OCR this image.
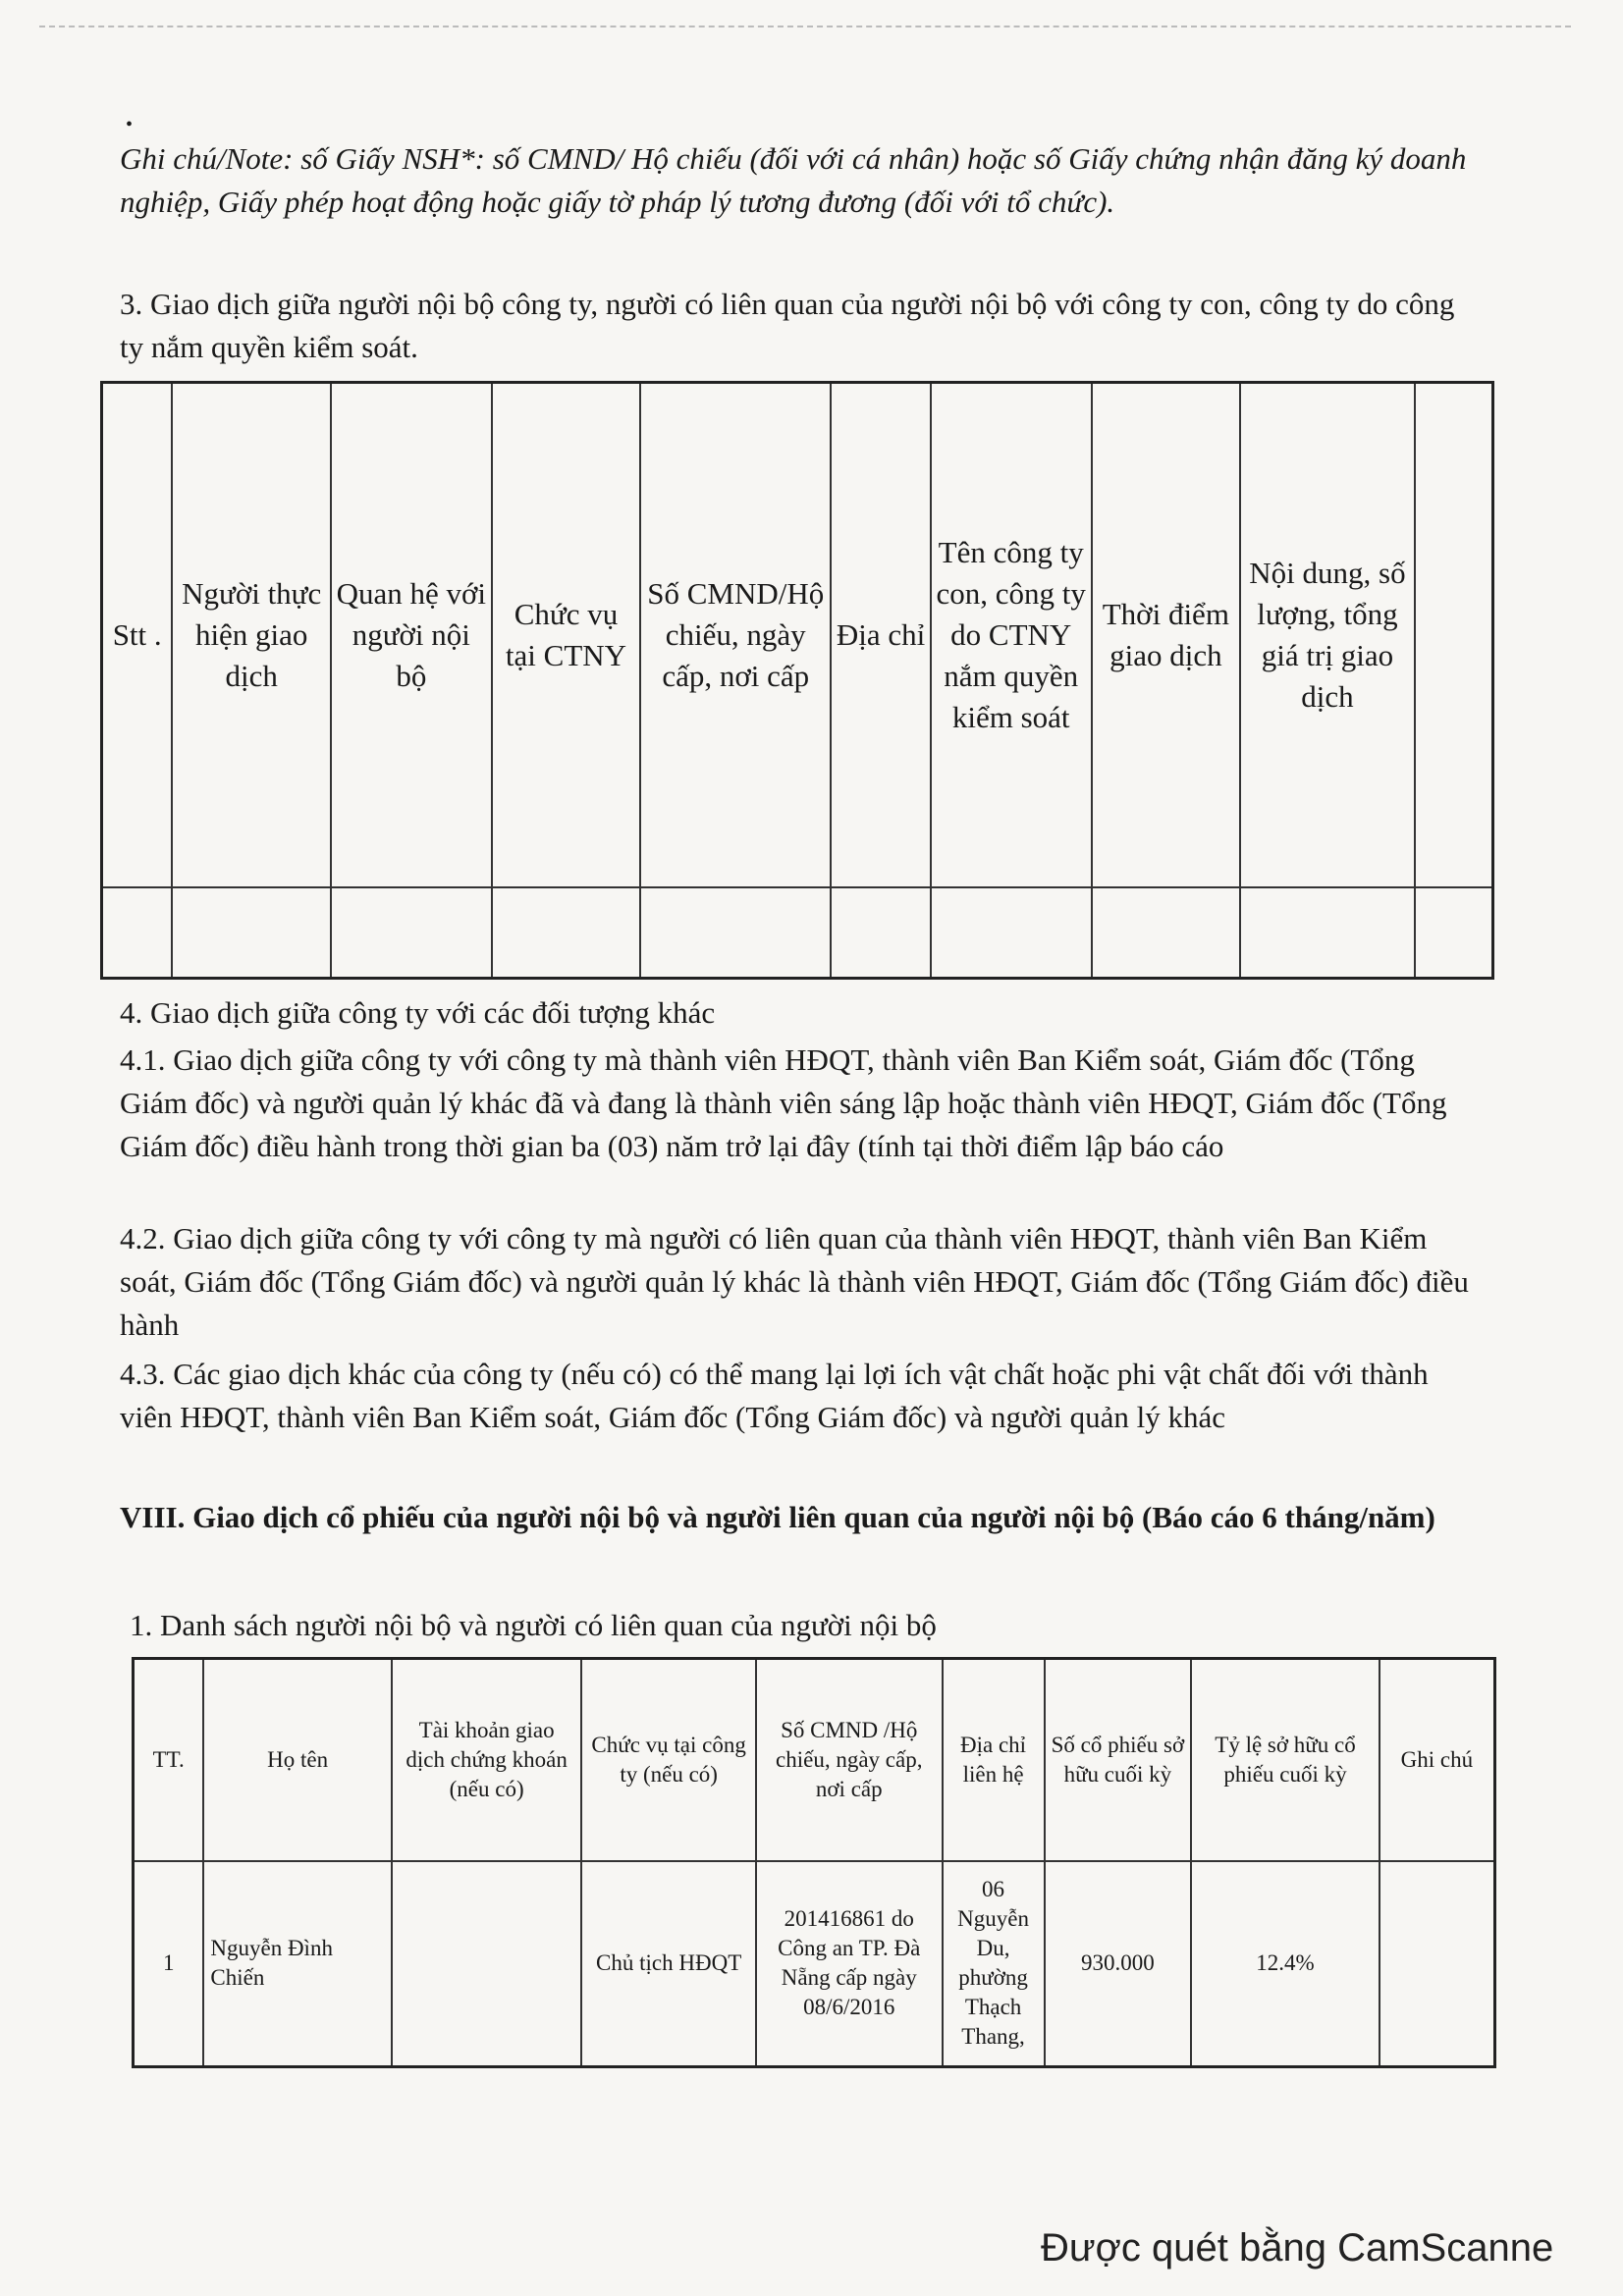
•

Ghi chú/Note: số Giấy NSH*: số CMND/ Hộ chiếu (đối với cá nhân) hoặc số Giấy chứng nhận đăng ký doanh nghiệp, Giấy phép hoạt động hoặc giấy tờ pháp lý tương đương (đối với tổ chức).

3. Giao dịch giữa người nội bộ công ty, người có liên quan của người nội bộ với công ty con, công ty do công ty nắm quyền kiểm soát.

Stt .	Người thực hiện giao dịch	Quan hệ với người nội bộ	Chức vụ tại CTNY	Số CMND/Hộ chiếu, ngày cấp, nơi cấp	Địa chỉ	Tên công ty con, công ty do CTNY nắm quyền kiểm soát	Thời điểm giao dịch	Nội dung, số lượng, tổng giá trị giao dịch	

4. Giao dịch giữa công ty với các đối tượng khác

4.1. Giao dịch giữa công ty với công ty mà thành viên HĐQT, thành viên Ban Kiểm soát, Giám đốc (Tổng Giám đốc) và người quản lý khác đã và đang là thành viên sáng lập hoặc thành viên HĐQT, Giám đốc (Tổng Giám đốc) điều hành trong thời gian ba (03) năm trở lại đây (tính tại thời điểm lập báo cáo

4.2. Giao dịch giữa công ty với công ty mà người có liên quan của thành viên HĐQT, thành viên Ban Kiểm soát, Giám đốc (Tổng Giám đốc) và người quản lý khác là thành viên HĐQT, Giám đốc (Tổng Giám đốc) điều hành

4.3. Các giao dịch khác của công ty (nếu có) có thể mang lại lợi ích vật chất hoặc phi vật chất đối với thành viên HĐQT, thành viên Ban Kiểm soát, Giám đốc (Tổng Giám đốc) và người quản lý khác

VIII. Giao dịch cổ phiếu của người nội bộ và người liên quan của người nội bộ (Báo cáo 6 tháng/năm)

1. Danh sách người nội bộ và người có liên quan của người nội bộ

TT.	Họ tên	Tài khoản giao dịch chứng khoán (nếu có)	Chức vụ tại công ty (nếu có)	Số CMND /Hộ chiếu, ngày cấp, nơi cấp	Địa chỉ liên hệ	Số cổ phiếu sở hữu cuối kỳ	Tỷ lệ sở hữu cổ phiếu cuối kỳ	Ghi chú
1	Nguyễn Đình Chiến		Chủ tịch HĐQT	201416861 do Công an TP. Đà Nẵng cấp ngày 08/6/2016	06 Nguyễn Du, phường Thạch Thang,	930.000	12.4%	
Được quét bằng CamScanne
